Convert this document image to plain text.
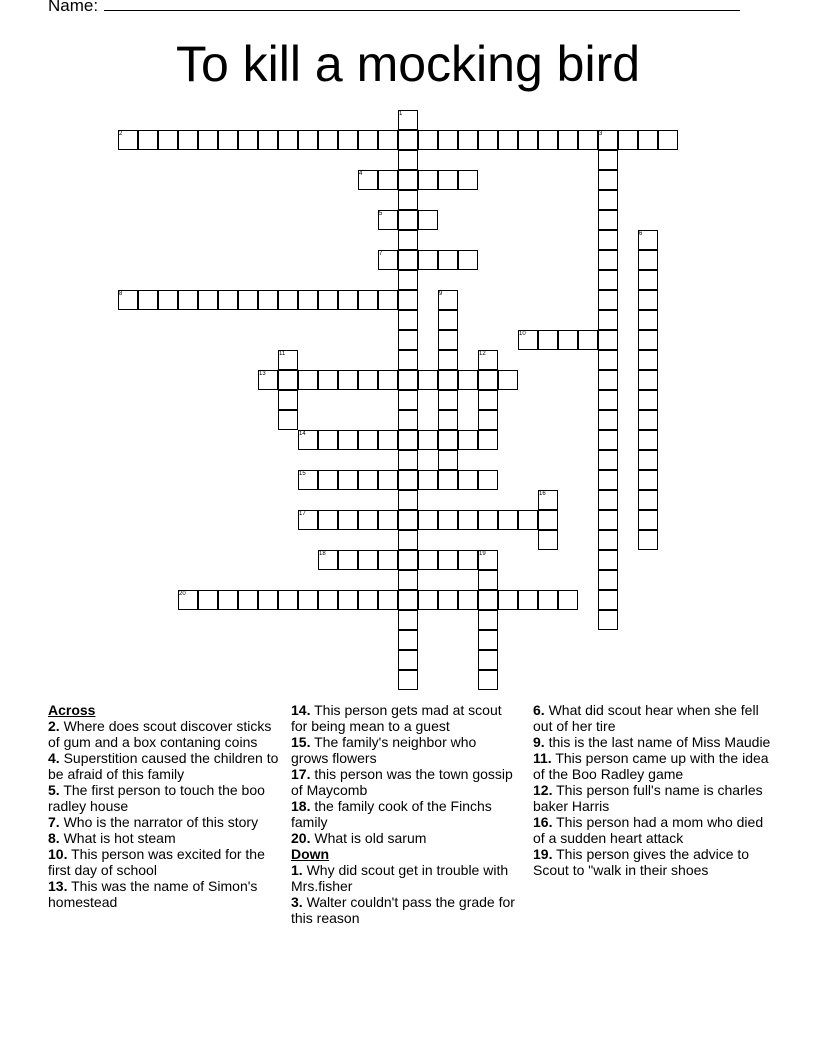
Name:
To kill a mocking bird
1
2	3
4
5
6
7
8	9
10
11	12
13
14
15
16
17
18	19
20
Across
2. Where does scout discover sticks of gum and a box contaning coins
4. Superstition caused the children to be afraid of this family
5. The first person to touch the boo radley house
7. Who is the narrator of this story
8. What is hot steam
10. This person was excited for the first day of school
13. This was the name of Simon's homestead
14. This person gets mad at scout for being mean to a guest
15. The family's neighbor who grows flowers
17. this person was the town gossip of Maycomb
18. the family cook of the Finchs family
20. What is old sarum
Down
1. Why did scout get in trouble with Mrs.fisher
3. Walter couldn't pass the grade for this reason
6. What did scout hear when she fell out of her tire
9. this is the last name of Miss Maudie
11. This person came up with the idea of the Boo Radley game
12. This person full's name is charles baker Harris
16. This person had a mom who died of a sudden heart attack
19. This person gives the advice to Scout to "walk in their shoes
